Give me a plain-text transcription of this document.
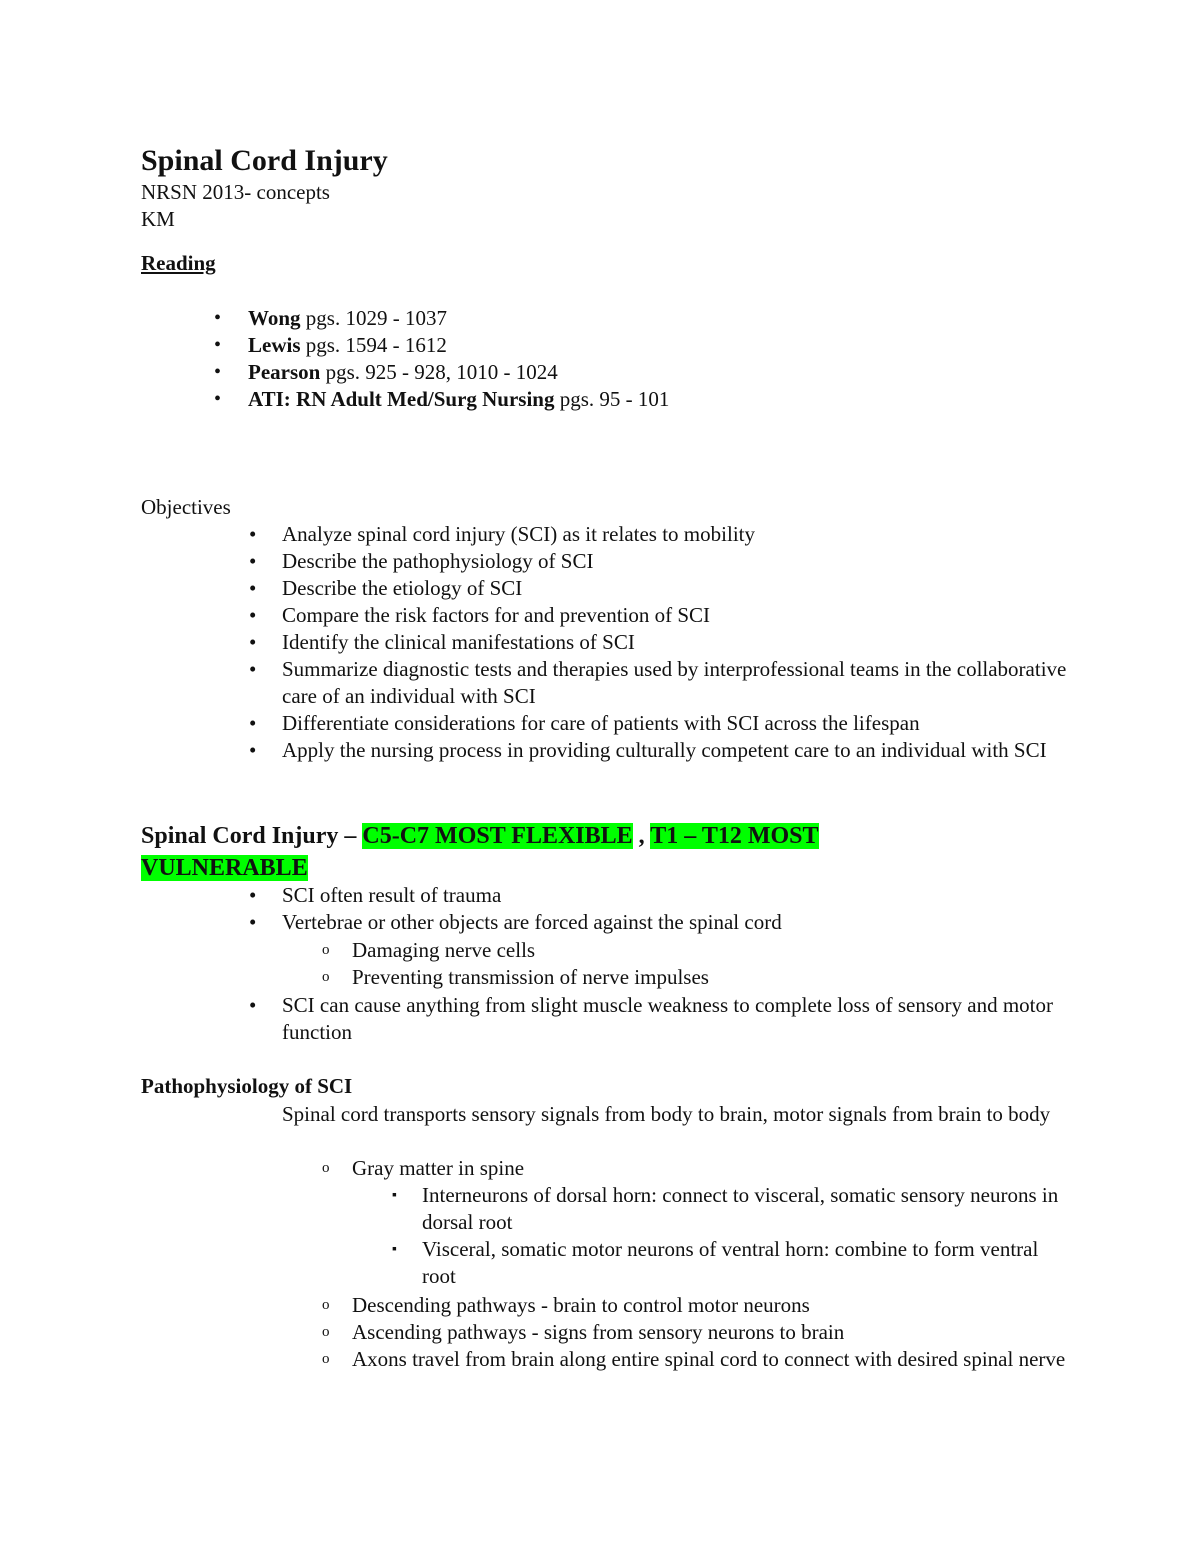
Spinal Cord Injury
NRSN 2013- concepts
KM
Reading
• Wong pgs. 1029 - 1037
• Lewis pgs. 1594 - 1612
• Pearson pgs. 925 - 928, 1010 - 1024
• ATI: RN Adult Med/Surg Nursing pgs. 95 - 101
Objectives
• Analyze spinal cord injury (SCI) as it relates to mobility
• Describe the pathophysiology of SCI
• Describe the etiology of SCI
• Compare the risk factors for and prevention of SCI
• Identify the clinical manifestations of SCI
• Summarize diagnostic tests and therapies used by interprofessional teams in the collaborative care of an individual with SCI
• Differentiate considerations for care of patients with SCI across the lifespan
• Apply the nursing process in providing culturally competent care to an individual with SCI
Spinal Cord Injury – C5-C7 MOST FLEXIBLE , T1 – T12 MOST
VULNERABLE
• SCI often result of trauma
• Vertebrae or other objects are forced against the spinal cord
o Damaging nerve cells
o Preventing transmission of nerve impulses
• SCI can cause anything from slight muscle weakness to complete loss of sensory and motor function
Pathophysiology of SCI
Spinal cord transports sensory signals from body to brain, motor signals from brain to body
o Gray matter in spine
▪ Interneurons of dorsal horn: connect to visceral, somatic sensory neurons in dorsal root
▪ Visceral, somatic motor neurons of ventral horn: combine to form ventral root
o Descending pathways - brain to control motor neurons
o Ascending pathways - signs from sensory neurons to brain
o Axons travel from brain along entire spinal cord to connect with desired spinal nerve
